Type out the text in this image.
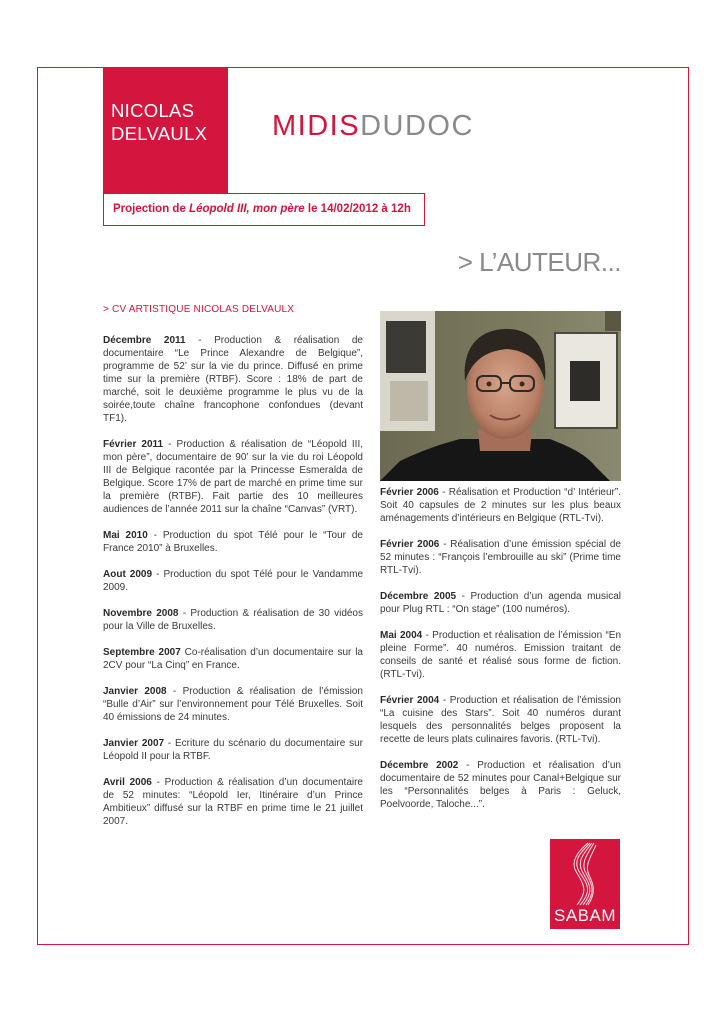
NICOLAS
DELVAULX	MIDISDUDOC
Projection de Léopold III, mon père le 14/02/2012 à 12h
> L’AUTEUR...
> CV ARTISTIQUE NICOLAS DELVAULX

Décembre 2011 - Production & réalisation de documentaire “Le Prince Alexandre de Belgique”, programme de 52’ sur la vie du prince. Diffusé en prime time sur la première (RTBF). Score : 18% de part de marché, soit le deuxième programme le plus vu de la soirée,toute chaîne francophone confondues (devant TF1).

Février 2011 - Production & réalisation de “Léopold III, mon père”, documentaire de 90’ sur la vie du roi Léopold III de Belgique racontée par la Princesse Esmeralda de Belgique. Score 17% de part de marché en prime time sur la première (RTBF). Fait partie des 10 meilleures audiences de l’année 2011 sur la chaîne “Canvas” (VRT).

Mai 2010 - Production du spot Télé pour le “Tour de France 2010” à Bruxelles.

Aout 2009 - Production du spot Télé pour le Vandamme 2009.

Novembre 2008 - Production & réalisation de 30 vidéos pour la Ville de Bruxelles.

Septembre 2007 Co-réalisation d’un documentaire sur la 2CV pour “La Cinq” en France.

Janvier 2008 - Production & réalisation de l’émission “Bulle d’Air” sur l’environnement pour Télé Bruxelles. Soit 40 émissions de 24 minutes.

Janvier 2007 - Ecriture du scénario du documentaire sur Léopold II pour la RTBF.

Avril 2006 - Production & réalisation d’un documentaire de 52 minutes: “Léopold Ier, Itinéraire d’un Prince Ambitieux” diffusé sur la RTBF en prime time le 21 juillet 2007.

Février 2006 - Réalisation et Production “d’ Intérieur”. Soit 40 capsules de 2 minutes sur les plus beaux aménagements d’intérieurs en Belgique (RTL-Tvi).

Février 2006 - Réalisation d’une émission spécial de 52 minutes : “François l’embrouille au ski” (Prime time RTL-Tvi).

Décembre 2005 - Production d’un agenda musical pour Plug RTL : “On stage” (100 numéros).

Mai 2004 - Production et réalisation de l’émission “En pleine Forme”. 40 numéros. Emission traitant de conseils de santé et réalisé sous forme de fiction. (RTL-Tvi).

Février 2004 - Production et réalisation de l’émission “La cuisine des Stars”. Soit 40 numéros durant lesquels des personnalités belges proposent la recette de leurs plats culinaires favoris. (RTL-Tvi).

Décembre 2002 - Production et réalisation d’un documentaire de 52 minutes pour Canal+Belgique sur les “Personnalités belges à Paris : Geluck, Poelvoorde, Taloche...”.

SABAM
